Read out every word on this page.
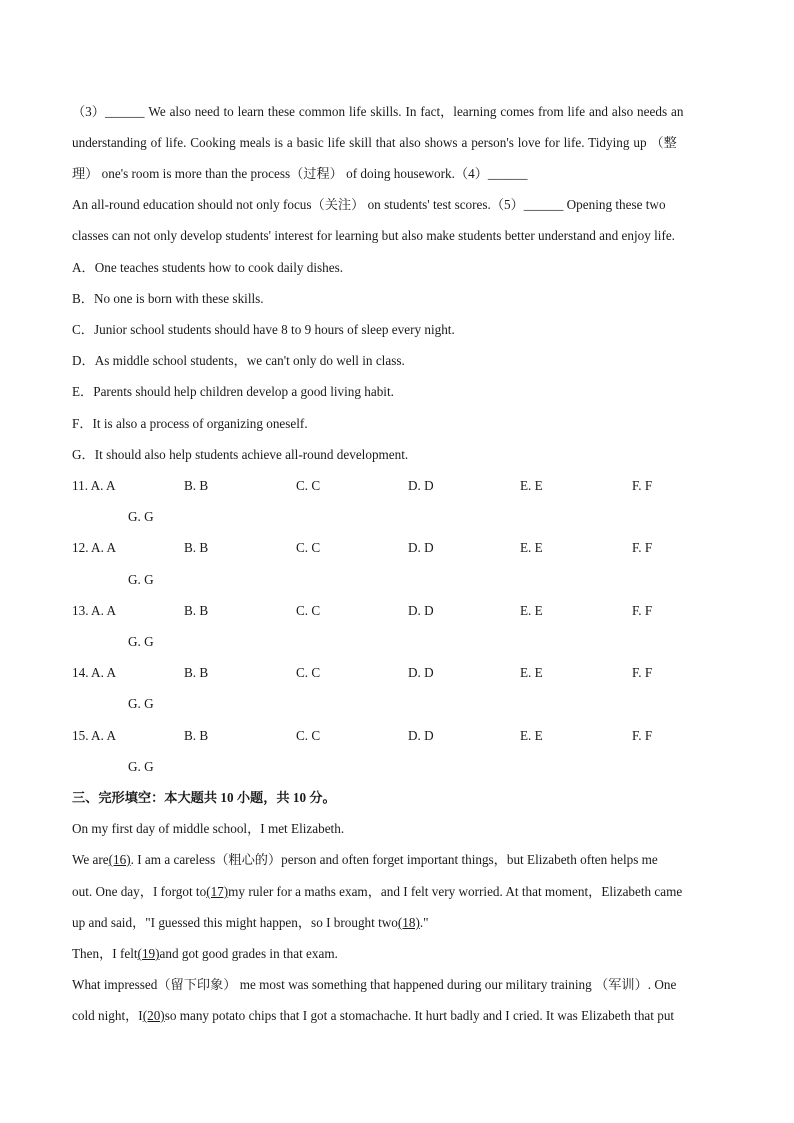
（3）______ We also need to learn these common life skills. In fact，learning comes from life and also needs an
understanding of life. Cooking meals is a basic life skill that also shows a person's love for life. Tidying up （整
理） one's room is more than the process（过程） of doing housework.（4）______
An all-round education should not only focus（关注） on students' test scores.（5）______ Opening these two
classes can not only develop students' interest for learning but also make students better understand and enjoy life.
A．One teaches students how to cook daily dishes.
B．No one is born with these skills.
C．Junior school students should have 8 to 9 hours of sleep every night.
D．As middle school students，we can't only do well in class.
E．Parents should help children develop a good living habit.
F．It is also a process of organizing oneself.
G．It should also help students achieve all-round development.
11. A. A	B. B	C. C	D. D	E. E	F. F
G. G
12. A. A	B. B	C. C	D. D	E. E	F. F
G. G
13. A. A	B. B	C. C	D. D	E. E	F. F
G. G
14. A. A	B. B	C. C	D. D	E. E	F. F
G. G
15. A. A	B. B	C. C	D. D	E. E	F. F
G. G
三、完形填空：本大题共 10 小题，共 10 分。
On my first day of middle school，I met Elizabeth.
We are(16). I am a careless（粗心的）person and often forget important things，but Elizabeth often helps me
out. One day，I forgot to(17)my ruler for a maths exam，and I felt very worried. At that moment，Elizabeth came
up and said，"I guessed this might happen，so I brought two(18)."
Then，I felt(19)and got good grades in that exam.
What impressed（留下印象） me most was something that happened during our military training （军训）. One
cold night，I(20)so many potato chips that I got a stomachache. It hurt badly and I cried. It was Elizabeth that put
